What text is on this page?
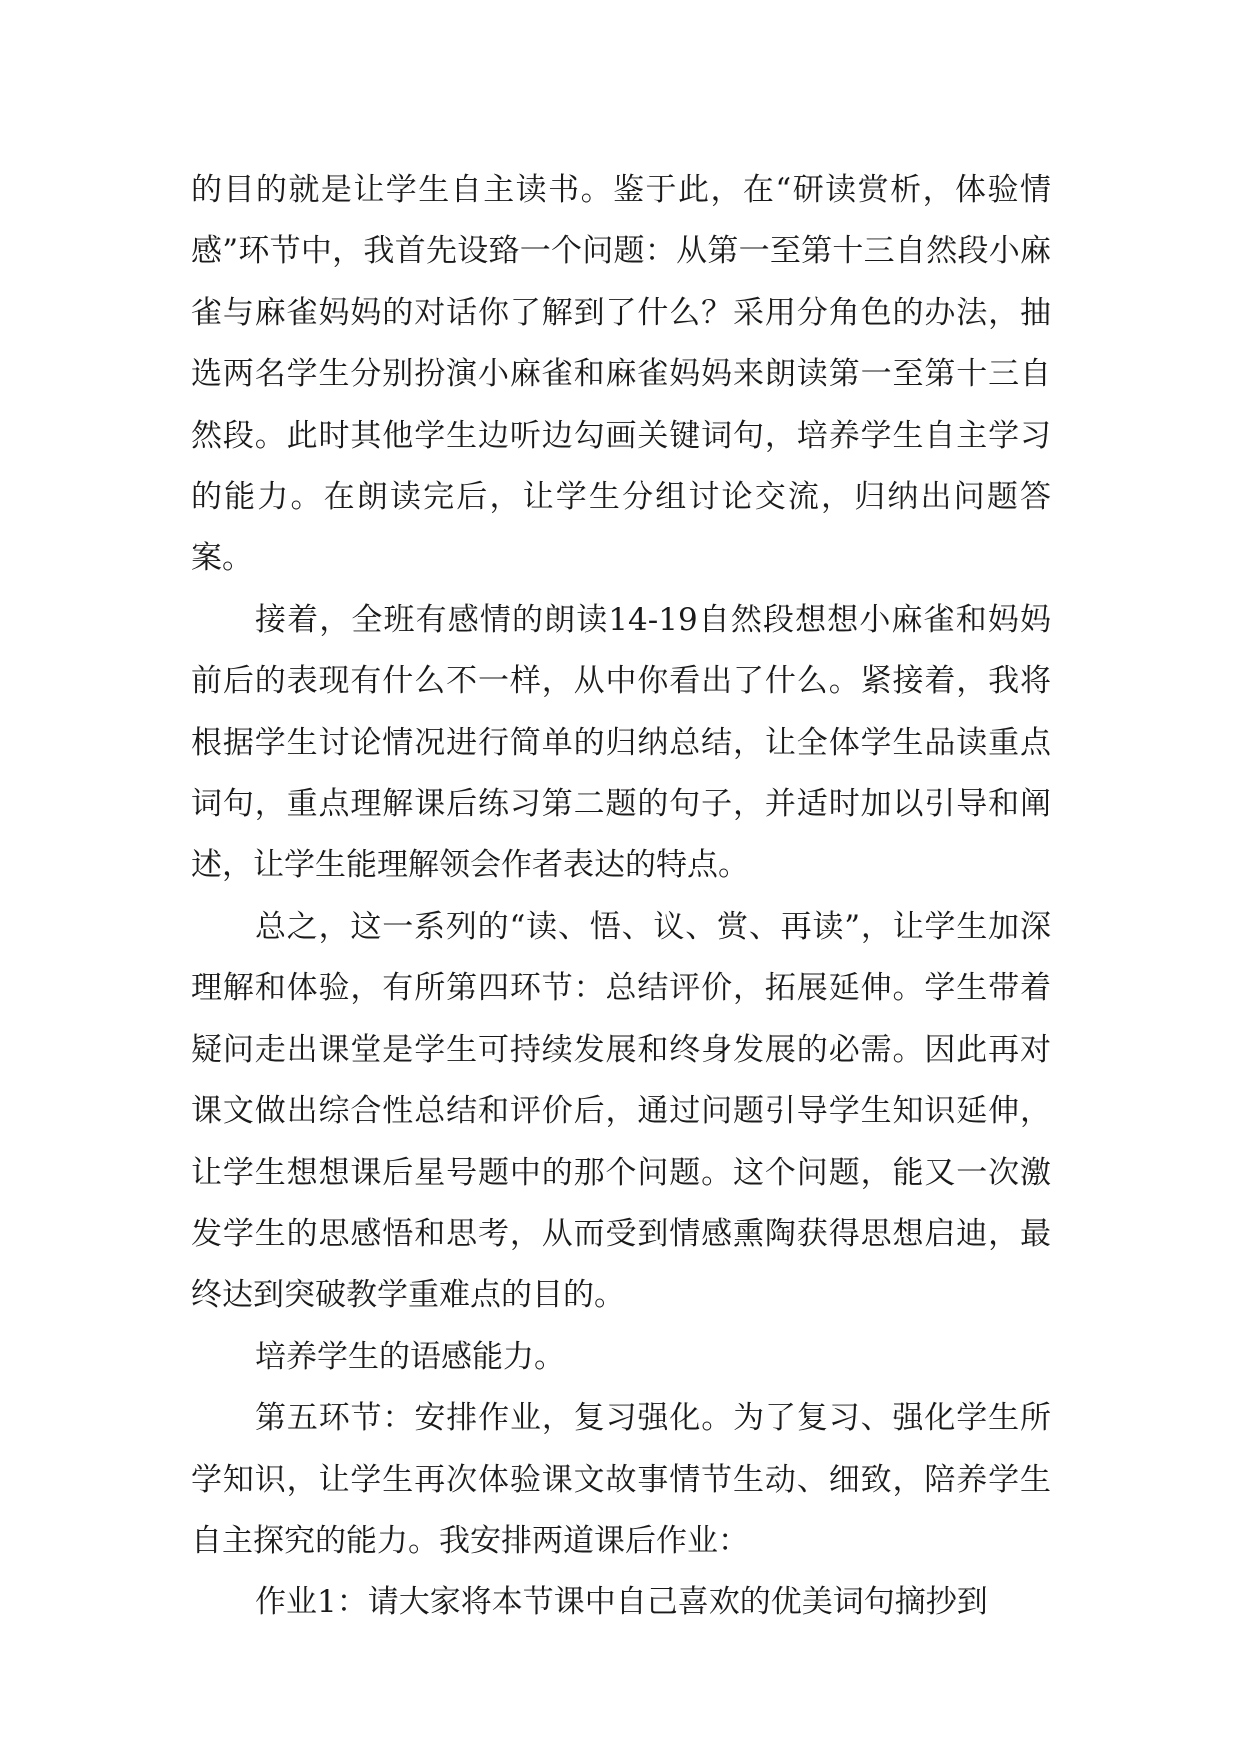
的目的就是让学生自主读书。鉴于此，在“研读赏析，体验情感”环节中，我首先设臵一个问题：从第一至第十三自然段小麻雀与麻雀妈妈的对话你了解到了什么？采用分角色的办法，抽选两名学生分别扮演小麻雀和麻雀妈妈来朗读第一至第十三自然段。此时其他学生边听边勾画关键词句，培养学生自主学习的能力。在朗读完后，让学生分组讨论交流，归纳出问题答案。

接着，全班有感情的朗读14-19自然段想想小麻雀和妈妈前后的表现有什么不一样，从中你看出了什么。紧接着，我将根据学生讨论情况进行简单的归纳总结，让全体学生品读重点词句，重点理解课后练习第二题的句子，并适时加以引导和阐述，让学生能理解领会作者表达的特点。

总之，这一系列的“读、悟、议、赏、再读”，让学生加深理解和体验，有所第四环节：总结评价，拓展延伸。学生带着疑问走出课堂是学生可持续发展和终身发展的必需。因此再对课文做出综合性总结和评价后，通过问题引导学生知识延伸，让学生想想课后星号题中的那个问题。这个问题，能又一次激发学生的思感悟和思考，从而受到情感熏陶获得思想启迪，最终达到突破教学重难点的目的。

培养学生的语感能力。

第五环节：安排作业，复习强化。为了复习、强化学生所学知识，让学生再次体验课文故事情节生动、细致，陪养学生自主探究的能力。我安排两道课后作业：

作业1：请大家将本节课中自己喜欢的优美词句摘抄到
